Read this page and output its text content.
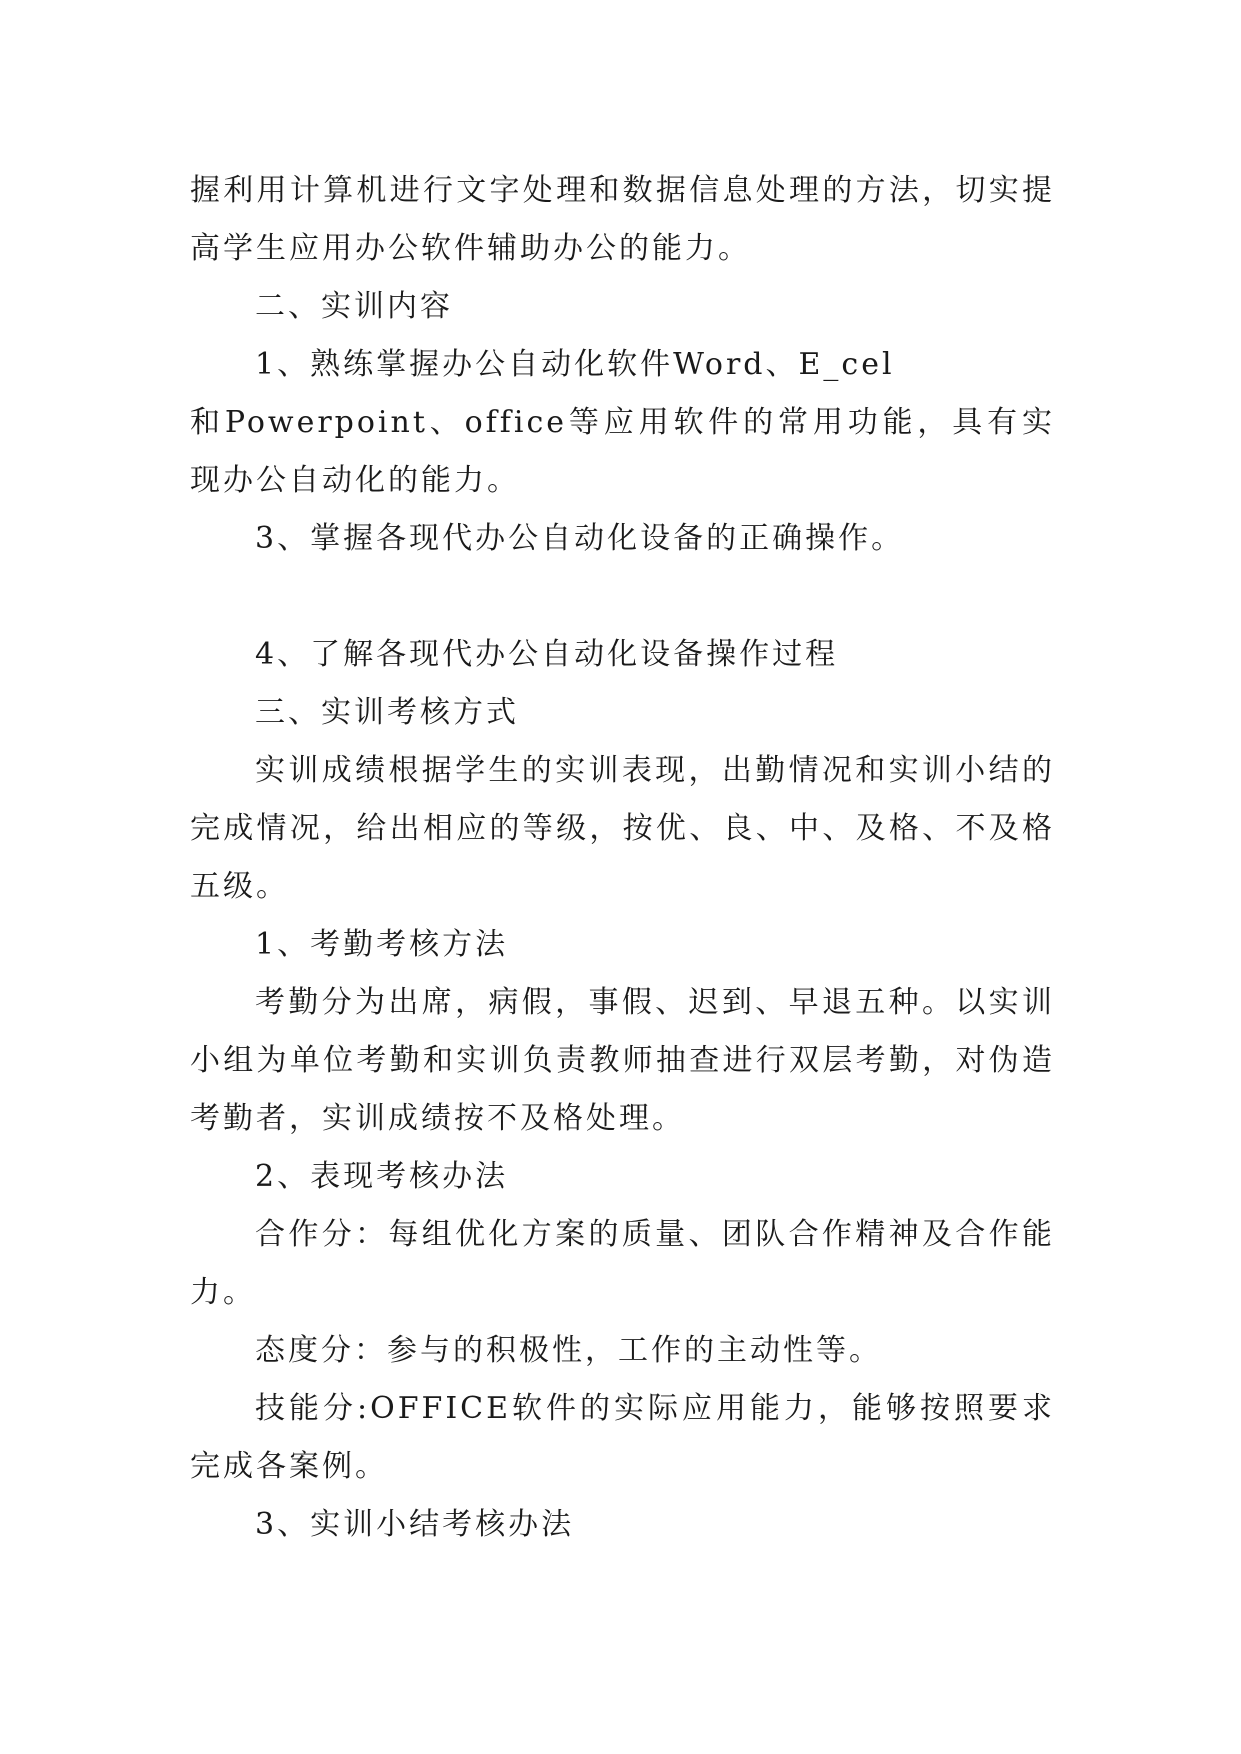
握利用计算机进行文字处理和数据信息处理的方法，切实提高学生应用办公软件辅助办公的能力。

二、实训内容

1、熟练掌握办公自动化软件Word、E_cel

和Powerpoint、office等应用软件的常用功能，具有实现办公自动化的能力。

3、掌握各现代办公自动化设备的正确操作。

4、了解各现代办公自动化设备操作过程

三、实训考核方式

实训成绩根据学生的实训表现，出勤情况和实训小结的完成情况，给出相应的等级，按优、良、中、及格、不及格五级。

1、考勤考核方法

考勤分为出席，病假，事假、迟到、早退五种。以实训小组为单位考勤和实训负责教师抽查进行双层考勤，对伪造考勤者，实训成绩按不及格处理。

2、表现考核办法

合作分：每组优化方案的质量、团队合作精神及合作能力。

态度分：参与的积极性，工作的主动性等。

技能分:OFFICE软件的实际应用能力，能够按照要求完成各案例。

3、实训小结考核办法
